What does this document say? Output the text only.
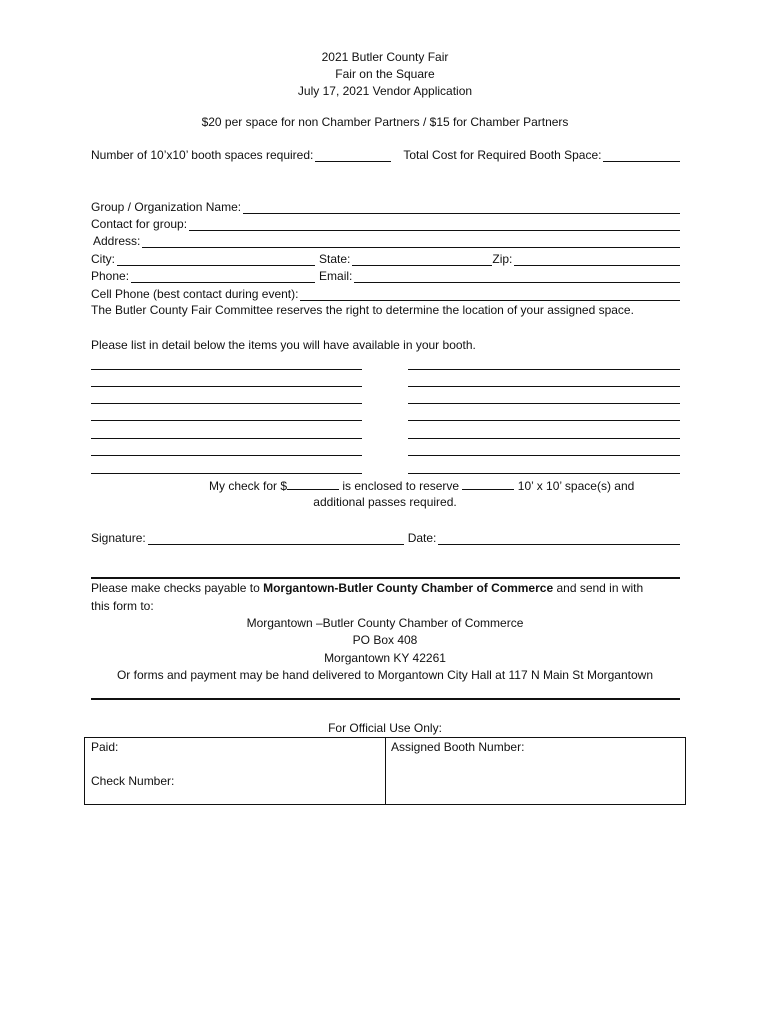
2021 Butler County Fair
Fair on the Square
July 17, 2021 Vendor Application
$20 per space for non Chamber Partners / $15 for Chamber Partners
Number of 10’x10’ booth spaces required:	Total Cost for Required Booth Space:
Group / Organization Name:
Contact for group:
Address:
City:	State:	Zip:
Phone:	Email:
Cell Phone (best contact during event):
The Butler County Fair Committee reserves the right to determine the location of your assigned space.
Please list in detail below the items you will have available in your booth.
My check for $	is enclosed to reserve	10’ x 10’ space(s) and
additional passes required.
Signature:	Date:
Please make checks payable to Morgantown-Butler County Chamber of Commerce and send in with
this form to:
Morgantown –Butler County Chamber of Commerce
PO Box 408
Morgantown KY 42261
Or forms and payment may be hand delivered to Morgantown City Hall at 117 N Main St Morgantown
For Official Use Only:
Paid:
Check Number:
Assigned Booth Number:
